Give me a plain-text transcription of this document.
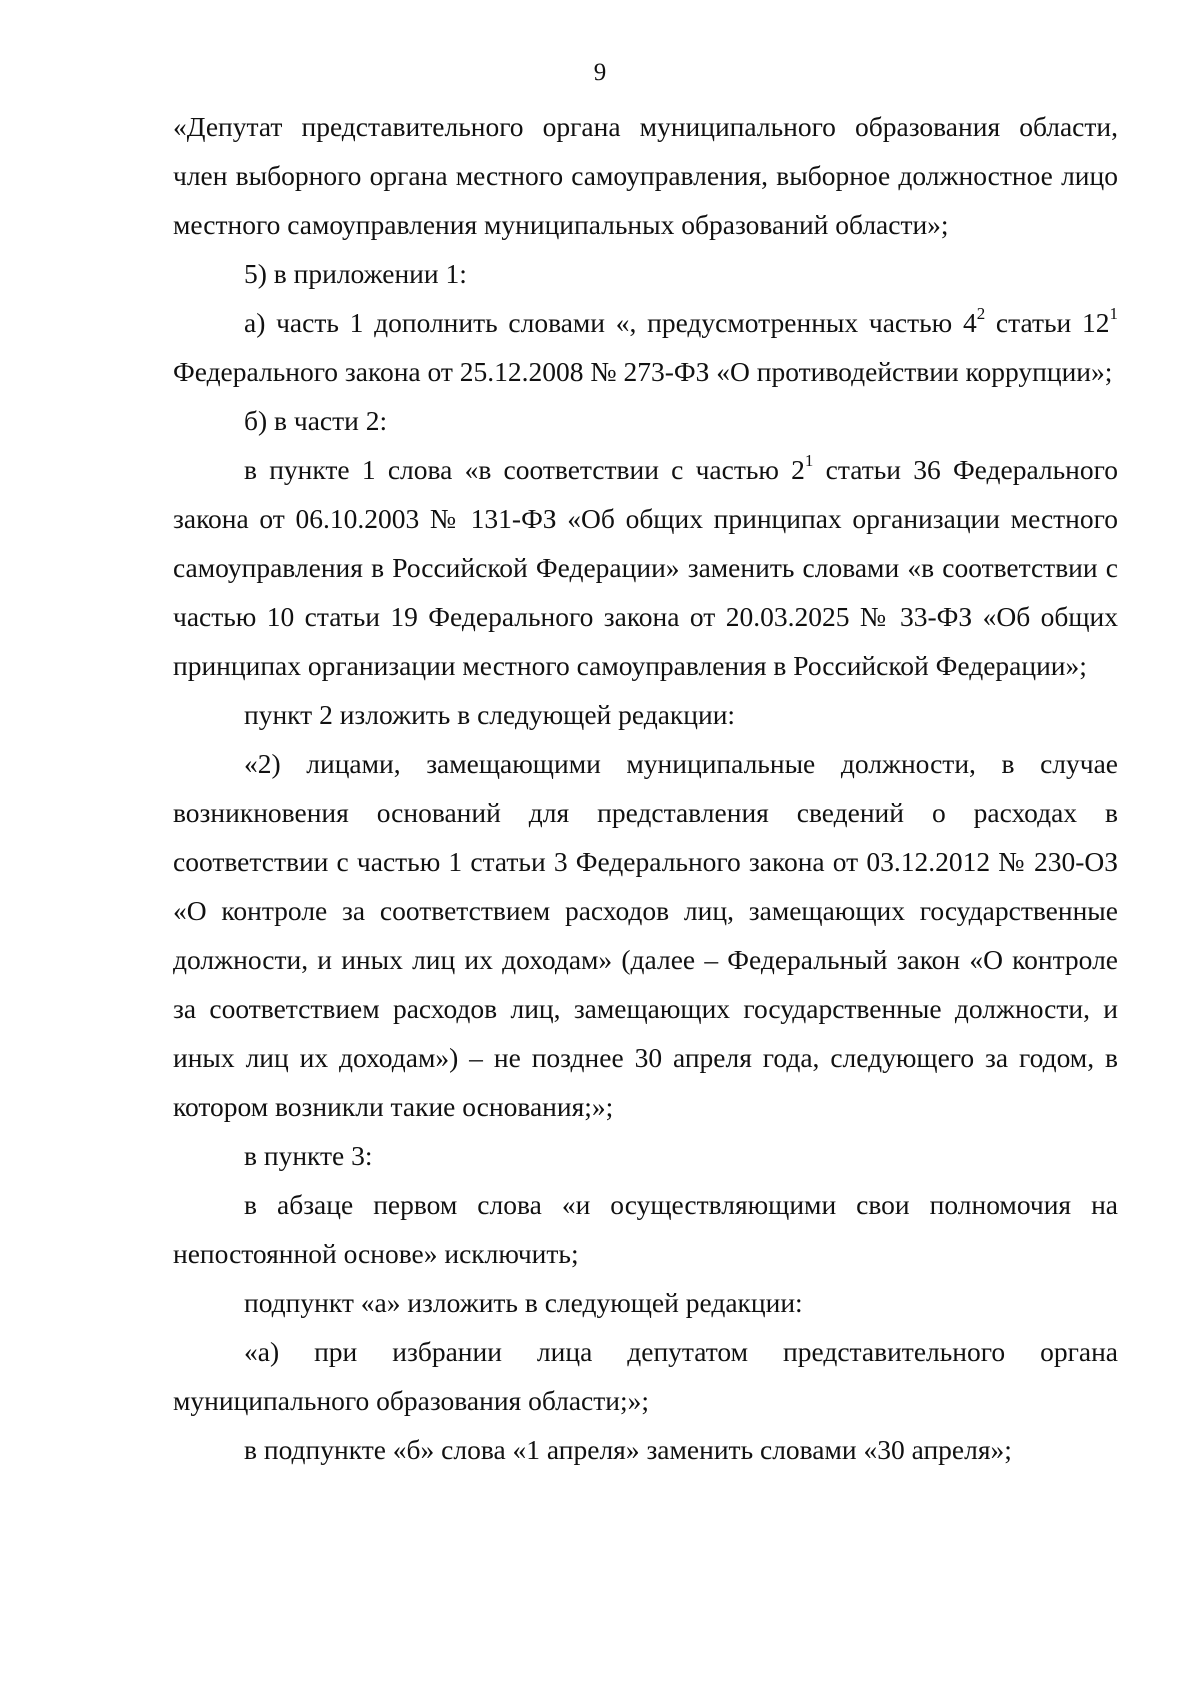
9

«Депутат представительного органа муниципального образования области, член выборного органа местного самоуправления, выборное должностное лицо местного самоуправления муниципальных образований области»;

5) в приложении 1:

а) часть 1 дополнить словами «, предусмотренных частью $4^2$ статьи $12^1$ Федерального закона от 25.12.2008 № 273-ФЗ «О противодействии коррупции»;

б) в части 2:

в пункте 1 слова «в соответствии с частью $2^1$ статьи 36 Федерального закона от 06.10.2003 № 131-ФЗ «Об общих принципах организации местного самоуправления в Российской Федерации» заменить словами «в соответствии с частью 10 статьи 19 Федерального закона от 20.03.2025 № 33-ФЗ «Об общих принципах организации местного самоуправления в Российской Федерации»;

пункт 2 изложить в следующей редакции:

«2) лицами, замещающими муниципальные должности, в случае возникновения оснований для представления сведений о расходах в соответствии с частью 1 статьи 3 Федерального закона от 03.12.2012 № 230-ОЗ «О контроле за соответствием расходов лиц, замещающих государственные должности, и иных лиц их доходам» (далее – Федеральный закон «О контроле за соответствием расходов лиц, замещающих государственные должности, и иных лиц их доходам») – не позднее 30 апреля года, следующего за годом, в котором возникли такие основания;»;

в пункте 3:

в абзаце первом слова «и осуществляющими свои полномочия на непостоянной основе» исключить;

подпункт «а» изложить в следующей редакции:

«а) при избрании лица депутатом представительного органа муниципального образования области;»;

в подпункте «б» слова «1 апреля» заменить словами «30 апреля»;
